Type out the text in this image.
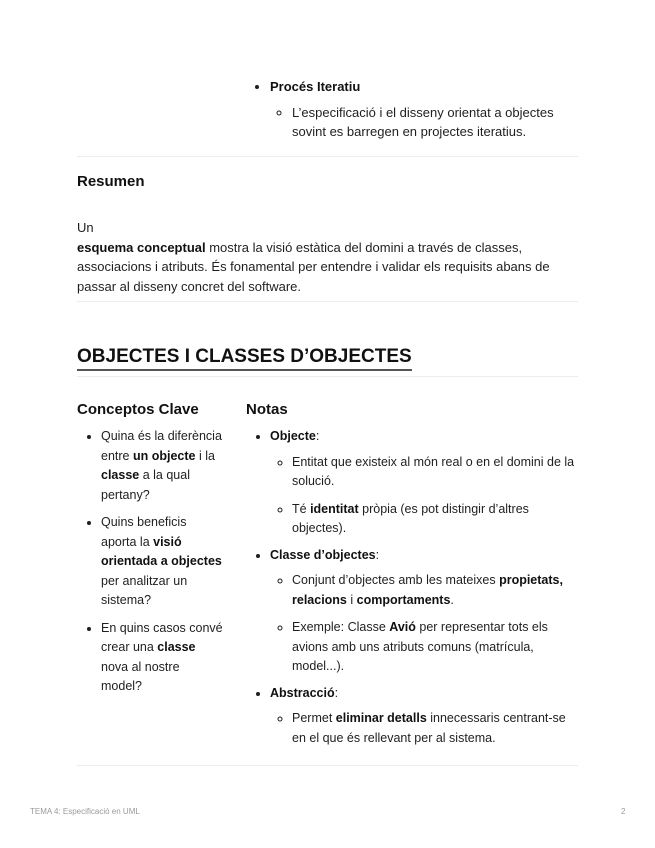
• Procés Iteratiu
◦ L’especificació i el disseny orientat a objectes sovint es barregen en projectes iteratius.
Resumen
Un
esquema conceptual mostra la visió estàtica del domini a través de classes, associacions i atributs. És fonamental per entendre i validar els requisits abans de passar al disseny concret del software.
OBJECTES I CLASSES D’OBJECTES
Conceptos Clave
• Quina és la diferència entre un objecte i la classe a la qual pertany?
• Quins beneficis aporta la visió orientada a objectes per analitzar un sistema?
• En quins casos convé crear una classe nova al nostre model?
Notas
• Objecte:
◦ Entitat que existeix al món real o en el domini de la solució.
◦ Té identitat pròpia (es pot distingir d’altres objectes).
• Classe d’objectes:
◦ Conjunt d’objectes amb les mateixes propietats, relacions i comportaments.
◦ Exemple: Classe Avió per representar tots els avions amb uns atributs comuns (matrícula, model...).
• Abstracció:
◦ Permet eliminar detalls innecessaris centrant-se en el que és rellevant per al sistema.
TEMA 4: Especificació en UML	2
